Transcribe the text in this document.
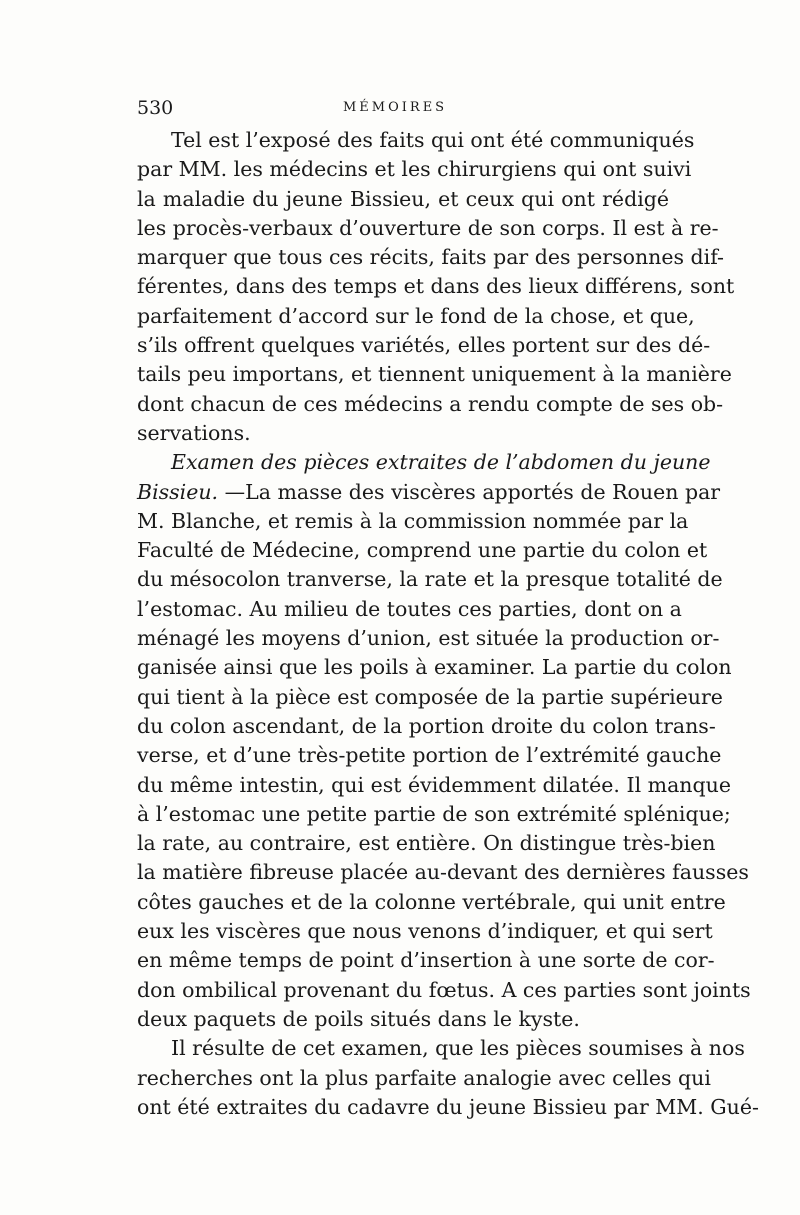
530	MÉMOIRES
Tel est l’exposé des faits qui ont été communiqués
par MM. les médecins et les chirurgiens qui ont suivi
la maladie du jeune Bissieu, et ceux qui ont rédigé
les procès-verbaux d’ouverture de son corps. Il est à re-
marquer que tous ces récits, faits par des personnes dif-
férentes, dans des temps et dans des lieux différens, sont
parfaitement d’accord sur le fond de la chose, et que,
s’ils offrent quelques variétés, elles portent sur des dé-
tails peu importans, et tiennent uniquement à la manière
dont chacun de ces médecins a rendu compte de ses ob-
servations.
Examen des pièces extraites de l’abdomen du jeune
Bissieu. —La masse des viscères apportés de Rouen par
M. Blanche, et remis à la commission nommée par la
Faculté de Médecine, comprend une partie du colon et
du mésocolon tranverse, la rate et la presque totalité de
l’estomac. Au milieu de toutes ces parties, dont on a
ménagé les moyens d’union, est située la production or-
ganisée ainsi que les poils à examiner. La partie du colon
qui tient à la pièce est composée de la partie supérieure
du colon ascendant, de la portion droite du colon trans-
verse, et d’une très-petite portion de l’extrémité gauche
du même intestin, qui est évidemment dilatée. Il manque
à l’estomac une petite partie de son extrémité splénique;
la rate, au contraire, est entière. On distingue très-bien
la matière fibreuse placée au-devant des dernières fausses
côtes gauches et de la colonne vertébrale, qui unit entre
eux les viscères que nous venons d’indiquer, et qui sert
en même temps de point d’insertion à une sorte de cor-
don ombilical provenant du fœtus. A ces parties sont joints
deux paquets de poils situés dans le kyste.
Il résulte de cet examen, que les pièces soumises à nos
recherches ont la plus parfaite analogie avec celles qui
ont été extraites du cadavre du jeune Bissieu par MM. Gué-
